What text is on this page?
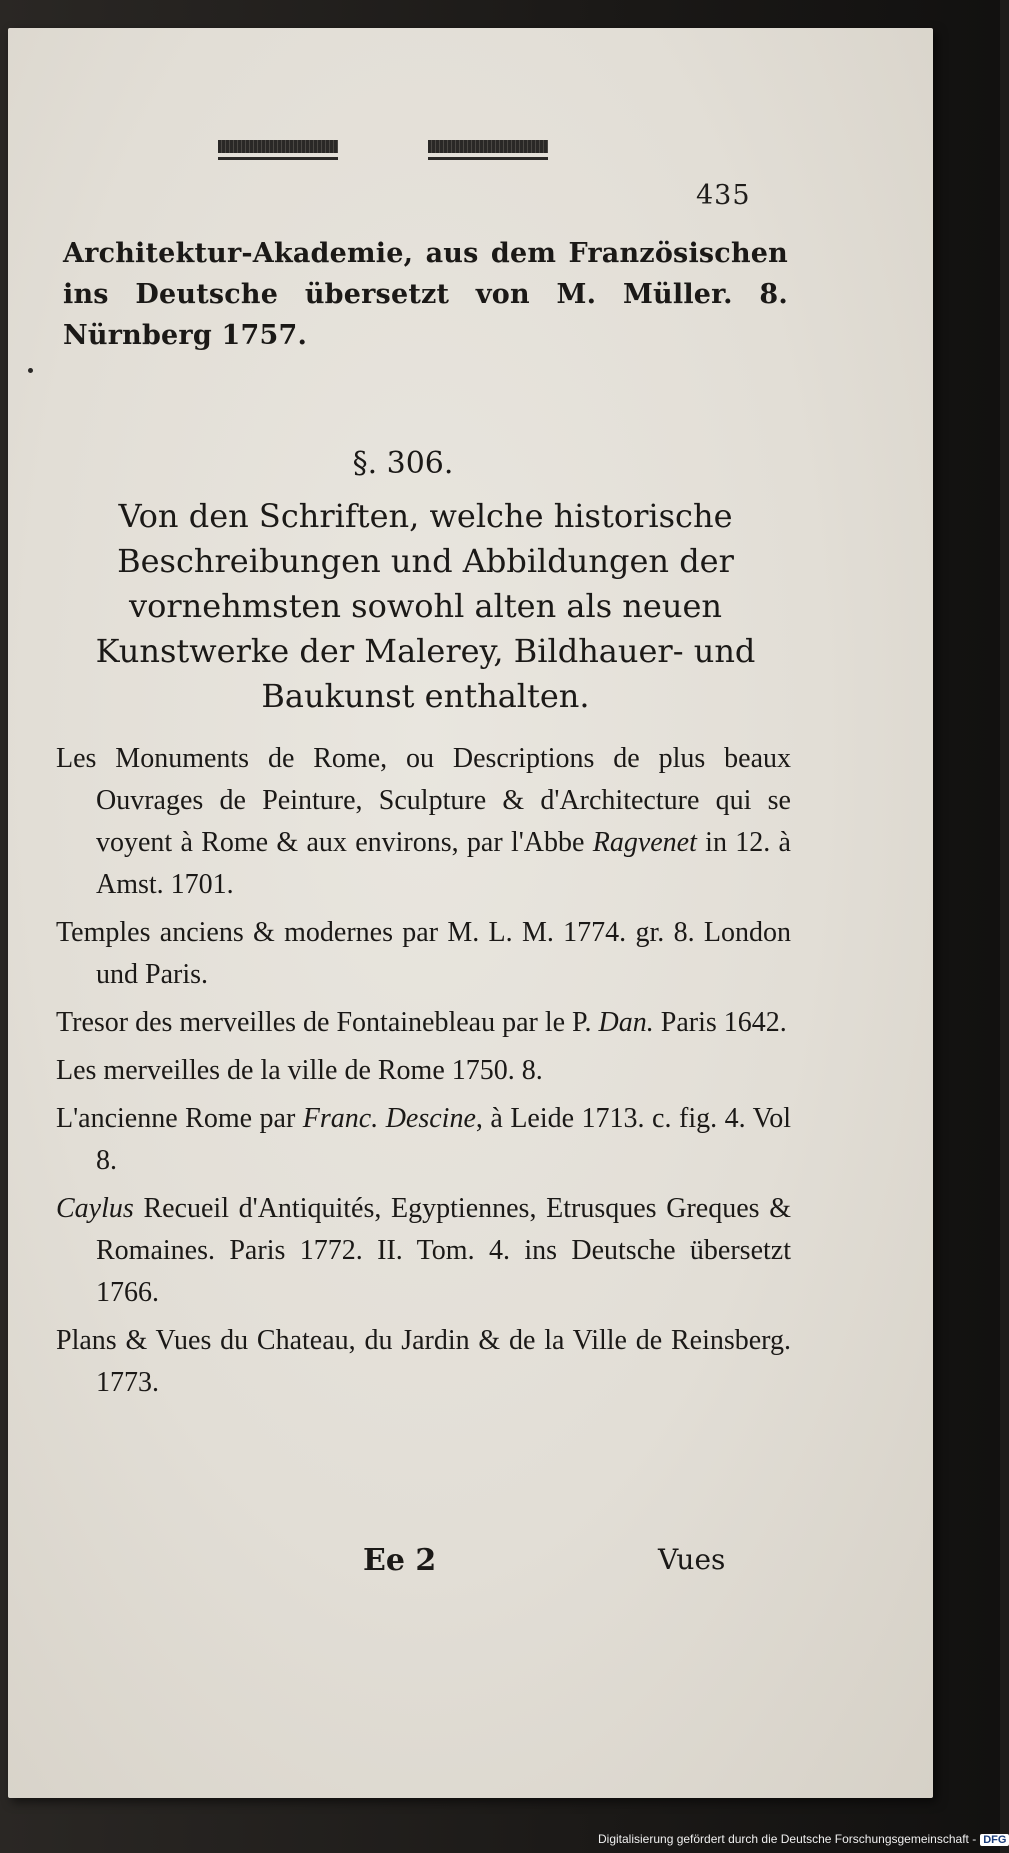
435
Architektur-Akademie, aus dem Französischen ins Deutsche übersetzt von M. Müller. 8. Nürnberg 1757.
§. 306.
Von den Schriften, welche historische Beschreibungen und Abbildungen der vornehmsten sowohl alten als neuen Kunstwerke der Malerey, Bildhauer- und Baukunst enthalten.
Les Monuments de Rome, ou Descriptions de plus beaux Ouvrages de Peinture, Sculpture & d'Architecture qui se voyent à Rome & aux environs, par l'Abbe Ragvenet in 12. à Amst. 1701.
Temples anciens & modernes par M. L. M. 1774. gr. 8. London und Paris.
Tresor des merveilles de Fontainebleau par le P. Dan. Paris 1642.
Les merveilles de la ville de Rome 1750. 8.
L'ancienne Rome par Franc. Descine, à Leide 1713. c. fig. 4. Vol 8.
Caylus Recueil d'Antiquités, Egyptiennes, Etrusques Greques & Romaines. Paris 1772. II. Tom. 4. ins Deutsche übersetzt 1766.
Plans & Vues du Chateau, du Jardin & de la Ville de Reinsberg. 1773.
Ee 2	Vues
Digitalisierung gefördert durch die Deutsche Forschungsgemeinschaft - DFG
